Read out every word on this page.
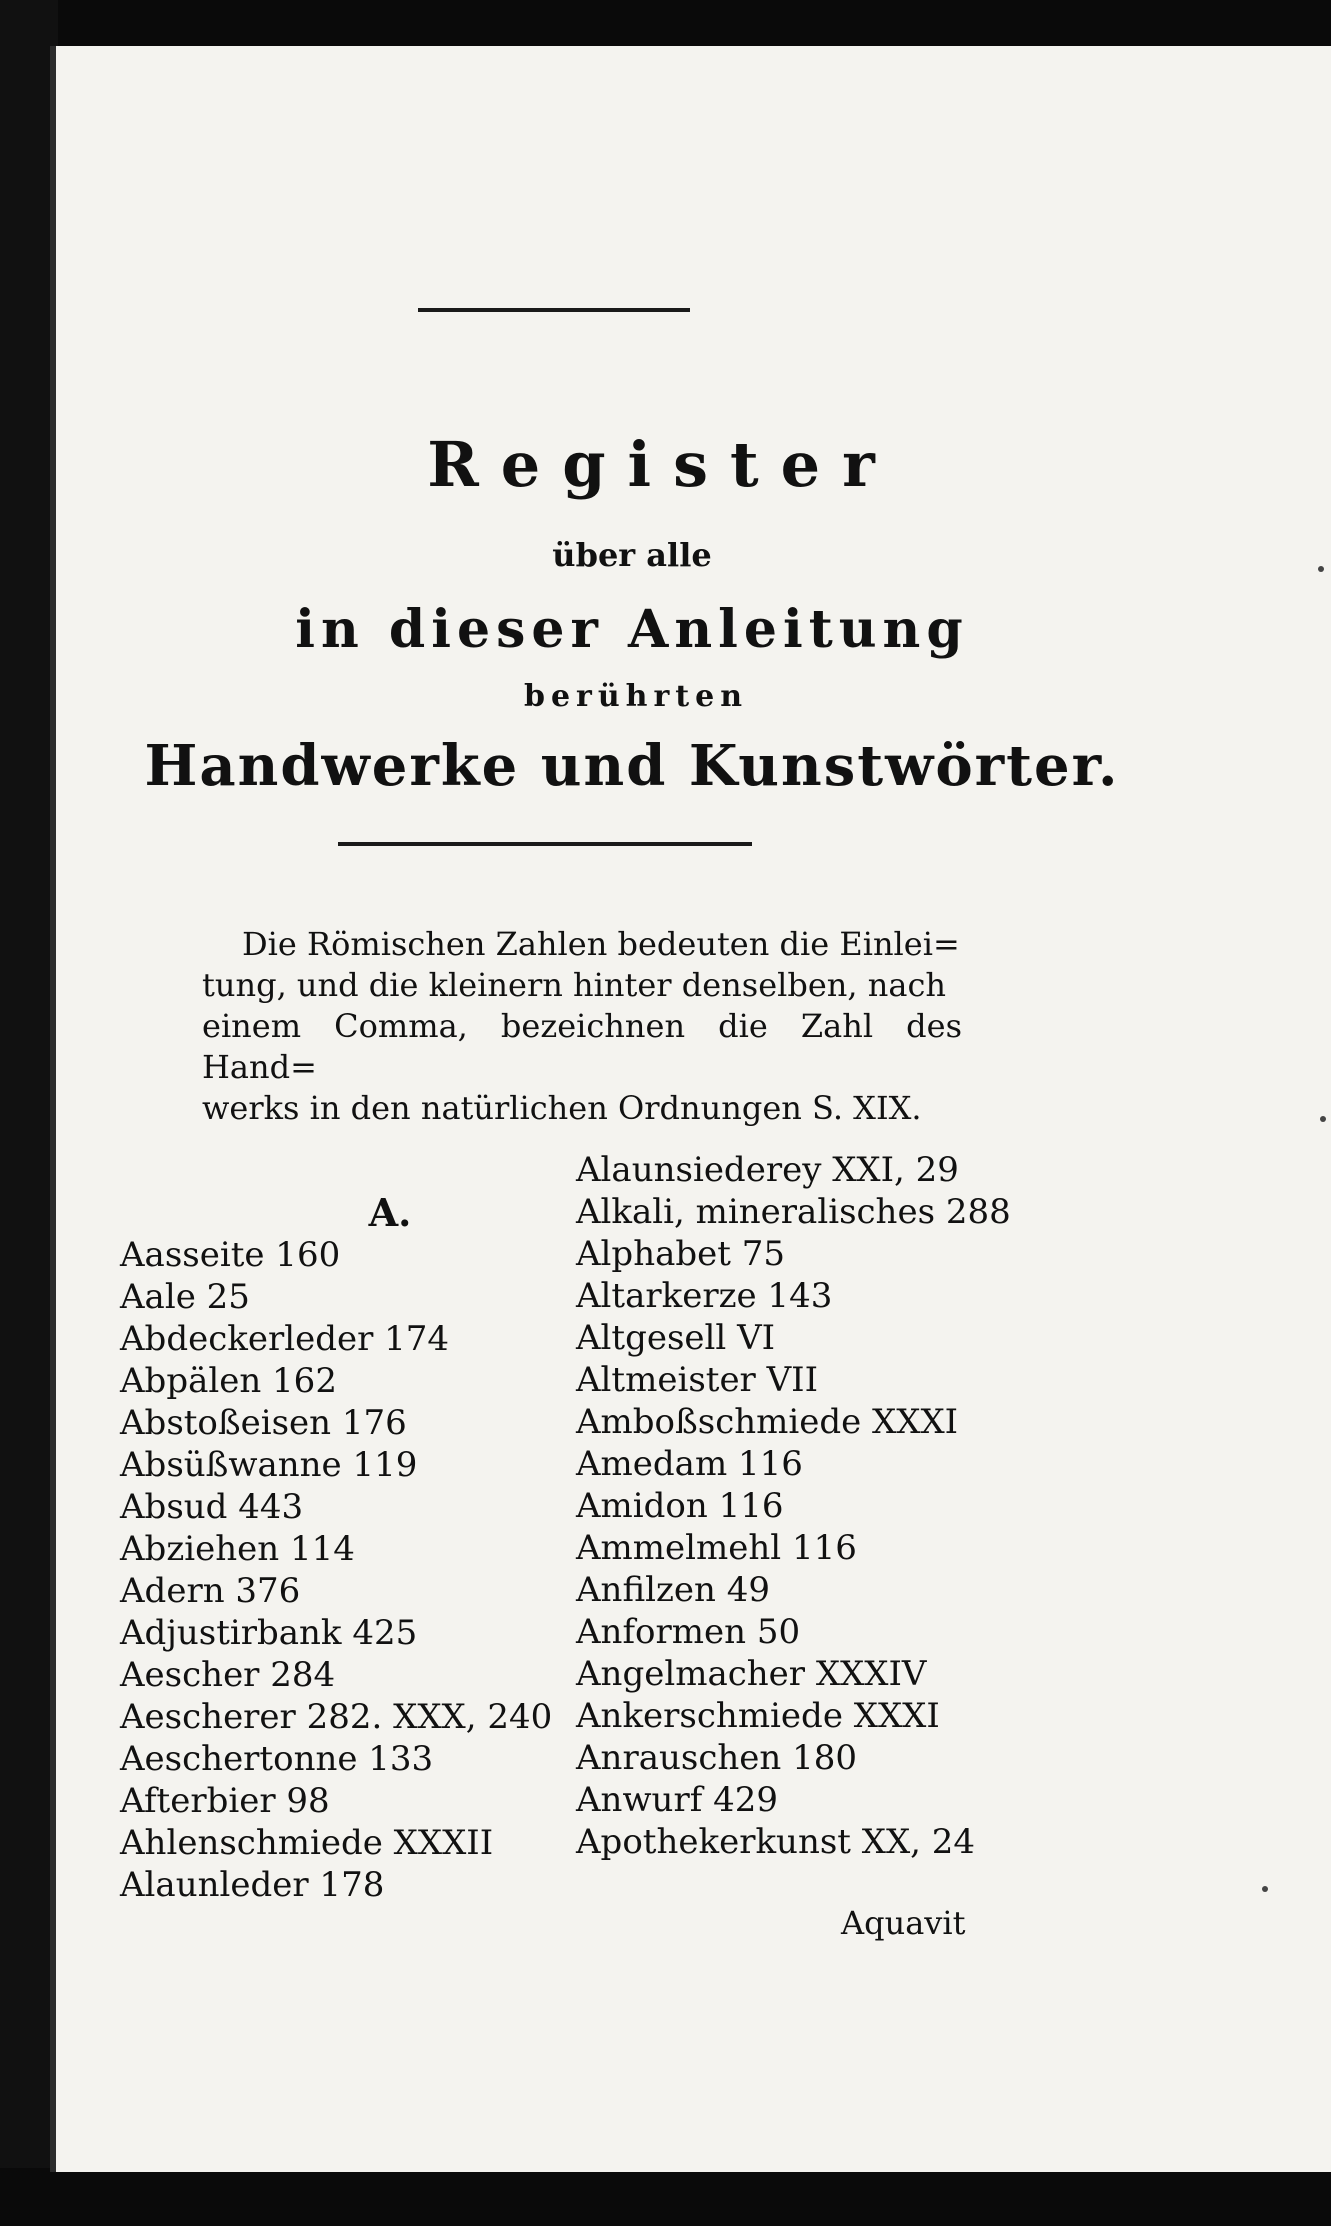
Register
über alle
in dieser Anleitung
berührten
Handwerke und Kunstwörter.
Die Römischen Zahlen bedeuten die Einlei=
tung, und die kleinern hinter denselben, nach
einem Comma, bezeichnen die Zahl des Hand=
werks in den natürlichen Ordnungen S. XIX.
A.
Aasseite 160
Aale 25
Abdeckerleder 174
Abpälen 162
Abstoßeisen 176
Absüßwanne 119
Absud 443
Abziehen 114
Adern 376
Adjustirbank 425
Aescher 284
Aescherer 282. XXX, 240
Aeschertonne 133
Afterbier 98
Ahlenschmiede XXXII
Alaunleder 178
Alaunsiederey XXI, 29
Alkali, mineralisches 288
Alphabet 75
Altarkerze 143
Altgesell VI
Altmeister VII
Amboßschmiede XXXI
Amedam 116
Amidon 116
Ammelmehl 116
Anfilzen 49
Anformen 50
Angelmacher XXXIV
Ankerschmiede XXXI
Anrauschen 180
Anwurf 429
Apothekerkunst XX, 24
Aquavit
